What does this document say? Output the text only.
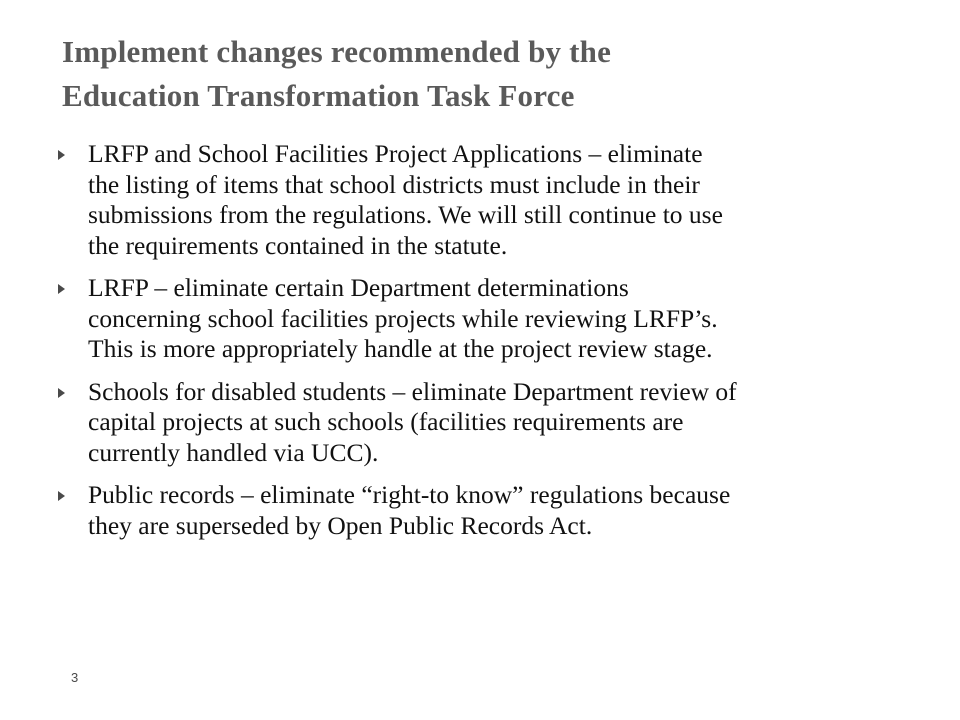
Implement changes recommended by the
Education Transformation Task Force
LRFP and School Facilities Project Applications – eliminate
the listing of items that school districts must include in their
submissions from the regulations. We will still continue to use
the requirements contained in the statute.
LRFP – eliminate certain Department determinations
concerning school facilities projects while reviewing LRFP’s.
This is more appropriately handle at the project review stage.
Schools for disabled students – eliminate Department review of
capital projects at such schools (facilities requirements are
currently handled via UCC).
Public records – eliminate “right-to know” regulations because
they are superseded by Open Public Records Act.
3
